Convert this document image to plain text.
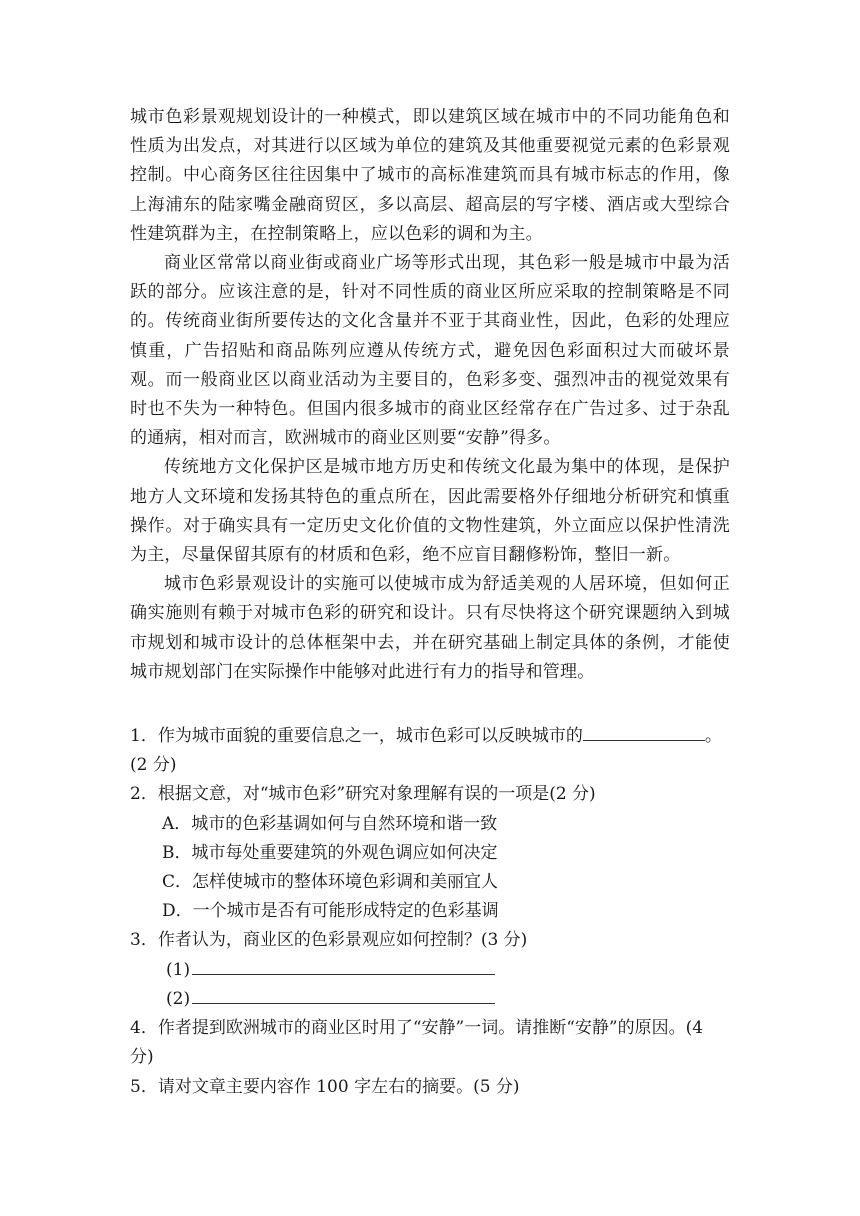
城市色彩景观规划设计的一种模式，即以建筑区域在城市中的不同功能角色和性质为出发点，对其进行以区域为单位的建筑及其他重要视觉元素的色彩景观控制。中心商务区往往因集中了城市的高标准建筑而具有城市标志的作用，像上海浦东的陆家嘴金融商贸区，多以高层、超高层的写字楼、酒店或大型综合性建筑群为主，在控制策略上，应以色彩的调和为主。

商业区常常以商业街或商业广场等形式出现，其色彩一般是城市中最为活跃的部分。应该注意的是，针对不同性质的商业区所应采取的控制策略是不同的。传统商业街所要传达的文化含量并不亚于其商业性，因此，色彩的处理应慎重，广告招贴和商品陈列应遵从传统方式，避免因色彩面积过大而破坏景观。而一般商业区以商业活动为主要目的，色彩多变、强烈冲击的视觉效果有时也不失为一种特色。但国内很多城市的商业区经常存在广告过多、过于杂乱的通病，相对而言，欧洲城市的商业区则要“安静”得多。

传统地方文化保护区是城市地方历史和传统文化最为集中的体现，是保护地方人文环境和发扬其特色的重点所在，因此需要格外仔细地分析研究和慎重操作。对于确实具有一定历史文化价值的文物性建筑，外立面应以保护性清洗为主，尽量保留其原有的材质和色彩，绝不应盲目翻修粉饰，整旧一新。

城市色彩景观设计的实施可以使城市成为舒适美观的人居环境，但如何正确实施则有赖于对城市色彩的研究和设计。只有尽快将这个研究课题纳入到城市规划和城市设计的总体框架中去，并在研究基础上制定具体的条例，才能使城市规划部门在实际操作中能够对此进行有力的指导和管理。

1．作为城市面貌的重要信息之一，城市色彩可以反映城市的	。(2 分)

2．根据文意，对“城市色彩”研究对象理解有误的一项是(2 分)

A．城市的色彩基调如何与自然环境和谐一致

B．城市每处重要建筑的外观色调应如何决定

C．怎样使城市的整体环境色彩调和美丽宜人

D．一个城市是否有可能形成特定的色彩基调

3．作者认为，商业区的色彩景观应如何控制？(3 分)

(1)
(2)

4．作者提到欧洲城市的商业区时用了“安静”一词。请推断“安静”的原因。(4 分)

5．请对文章主要内容作 100 字左右的摘要。(5 分)
